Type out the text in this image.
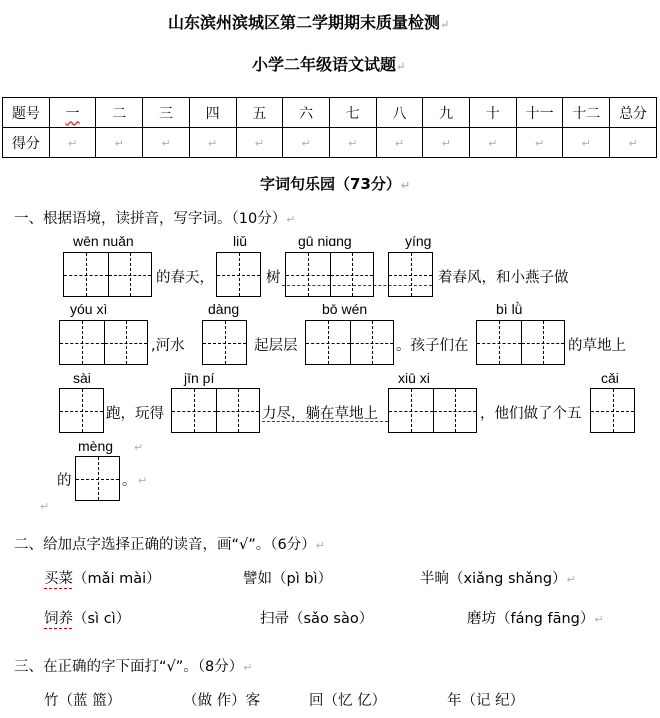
山东滨州滨城区第二学期期末质量检测↵
小学二年级语文试题↵
题号	一	二	三	四	五	六	七	八	九	十	十一	十二	总分
得分	↵	↵	↵	↵	↵	↵	↵	↵	↵	↵	↵	↵	↵
字词句乐园（73分）↵
一、根据语境，读拼音，写字词。（10分）↵
wēn nuǎn
的春天，
liǔ
树
gū niɑng	yíng
着春风，和小燕子做
yóu xì
,河水
dàng
起层层
bō wén
。孩子们在
bì lǜ
的草地上
sài
跑，玩得
jīn pí
力尽，躺在草地上
xiū xi
，他们做了个五
cǎi
mèng ↵
的	。 ↵
↵
二、给加点字选择正确的读音，画“√”。（6分）↵
买菜（mǎi mài）	譬如（pì bì）	半晌（xiǎng shǎng）↵
饲养（sì cì）	扫帚（sǎo sào）	磨坊（fáng fāng）↵
三、在正确的字下面打“√”。（8分）↵
竹（蓝 篮）	（做 作）客	回（忆 亿）	年（记 纪）
